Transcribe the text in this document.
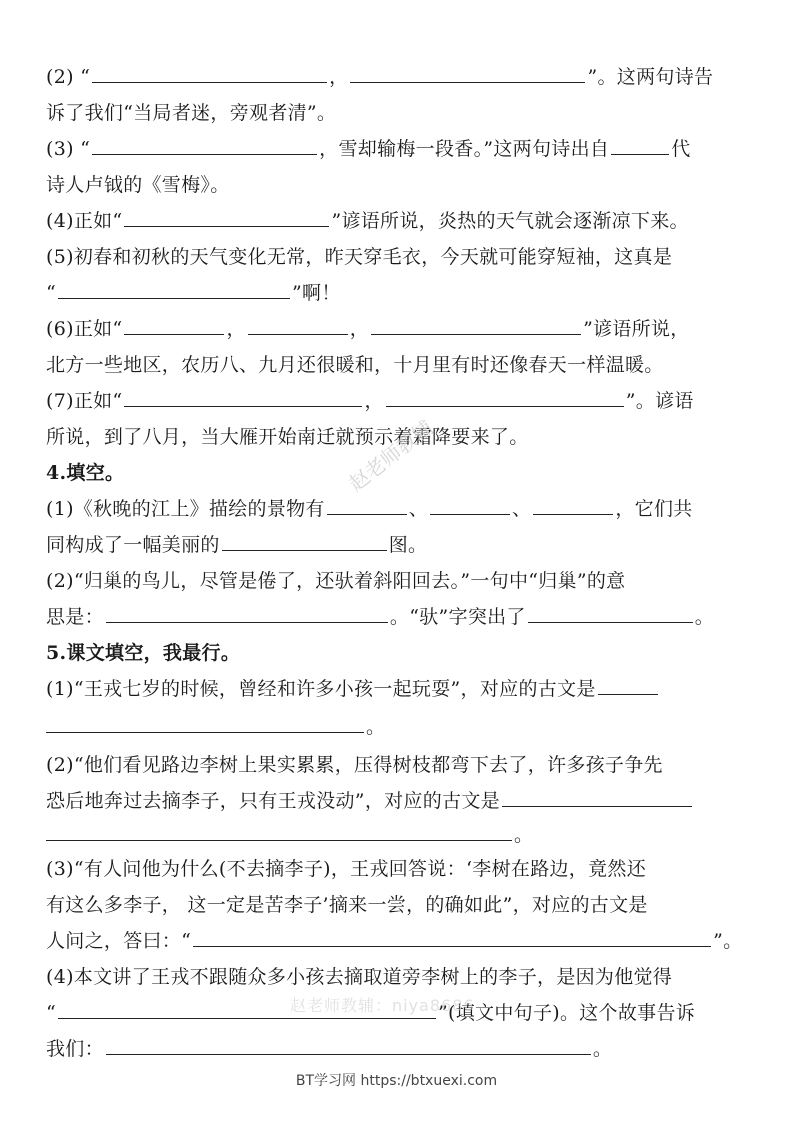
(2) “	，	”。这两句诗告
诉了我们“当局者迷，旁观者清”。
(3) “	，雪却输梅一段香。”这两句诗出自	代
诗人卢钺的《雪梅》。
(4)正如“	”谚语所说，炎热的天气就会逐渐凉下来。
(5)初春和初秋的天气变化无常，昨天穿毛衣，今天就可能穿短袖，这真是
“	”啊！
(6)正如“	，	，	”谚语所说，
北方一些地区，农历八、九月还很暖和，十月里有时还像春天一样温暖。
(7)正如“	，	”。谚语
所说，到了八月，当大雁开始南迁就预示着霜降要来了。
4.填空。
(1)《秋晚的江上》描绘的景物有	、	、	，它们共
同构成了一幅美丽的	图。
(2)“归巢的鸟儿，尽管是倦了，还驮着斜阳回去。”一句中“归巢”的意
思是：	。“驮”字突出了	。
5.课文填空，我最行。
(1)“王戎七岁的时候，曾经和许多小孩一起玩耍”，对应的古文是
。
(2)“他们看见路边李树上果实累累，压得树枝都弯下去了，许多孩子争先
恐后地奔过去摘李子，只有王戎没动”，对应的古文是
。
(3)“有人问他为什么(不去摘李子)，王戎回答说：‘李树在路边，竟然还
有这么多李子， 这一定是苦李子’摘来一尝，的确如此”，对应的古文是
人问之，答曰：“	”。
(4)本文讲了王戎不跟随众多小孩去摘取道旁李树上的李子，是因为他觉得
“	”(填文中句子)。这个故事告诉
我们：	。
赵老师教辅
赵老师教辅：niya8686
BT学习网 https://btxuexi.com
